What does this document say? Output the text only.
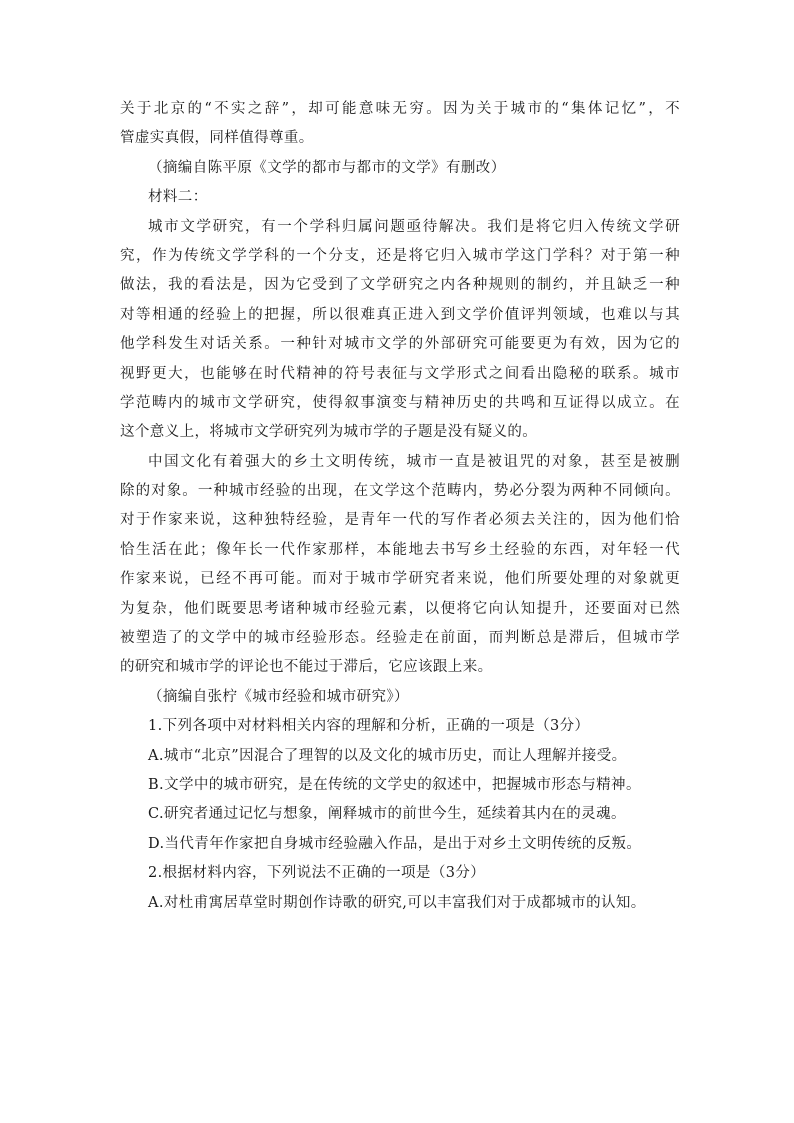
关于北京的“不实之辞”，却可能意味无穷。因为关于城市的“集体记忆”，不
管虚实真假，同样值得尊重。
（摘编自陈平原《文学的都市与都市的文学》有删改）
材料二：
城市文学研究，有一个学科归属问题亟待解决。我们是将它归入传统文学研
究，作为传统文学学科的一个分支，还是将它归入城市学这门学科？对于第一种
做法，我的看法是，因为它受到了文学研究之内各种规则的制约，并且缺乏一种
对等相通的经验上的把握，所以很难真正进入到文学价值评判领域，也难以与其
他学科发生对话关系。一种针对城市文学的外部研究可能要更为有效，因为它的
视野更大，也能够在时代精神的符号表征与文学形式之间看出隐秘的联系。城市
学范畴内的城市文学研究，使得叙事演变与精神历史的共鸣和互证得以成立。在
这个意义上，将城市文学研究列为城市学的子题是没有疑义的。
中国文化有着强大的乡土文明传统，城市一直是被诅咒的对象，甚至是被删
除的对象。一种城市经验的出现，在文学这个范畴内，势必分裂为两种不同倾向。
对于作家来说，这种独特经验，是青年一代的写作者必须去关注的，因为他们恰
恰生活在此；像年长一代作家那样，本能地去书写乡土经验的东西，对年轻一代
作家来说，已经不再可能。而对于城市学研究者来说，他们所要处理的对象就更
为复杂，他们既要思考诸种城市经验元素，以便将它向认知提升，还要面对已然
被塑造了的文学中的城市经验形态。经验走在前面，而判断总是滞后，但城市学
的研究和城市学的评论也不能过于滞后，它应该跟上来。
（摘编自张柠《城市经验和城市研究》）
1.下列各项中对材料相关内容的理解和分析，正确的一项是（3分）
A.城市“北京”因混合了理智的以及文化的城市历史，而让人理解并接受。
B.文学中的城市研究，是在传统的文学史的叙述中，把握城市形态与精神。
C.研究者通过记忆与想象，阐释城市的前世今生，延续着其内在的灵魂。
D.当代青年作家把自身城市经验融入作品，是出于对乡土文明传统的反叛。
2.根据材料内容，下列说法不正确的一项是（3分）
A.对杜甫寓居草堂时期创作诗歌的研究,可以丰富我们对于成都城市的认知。
